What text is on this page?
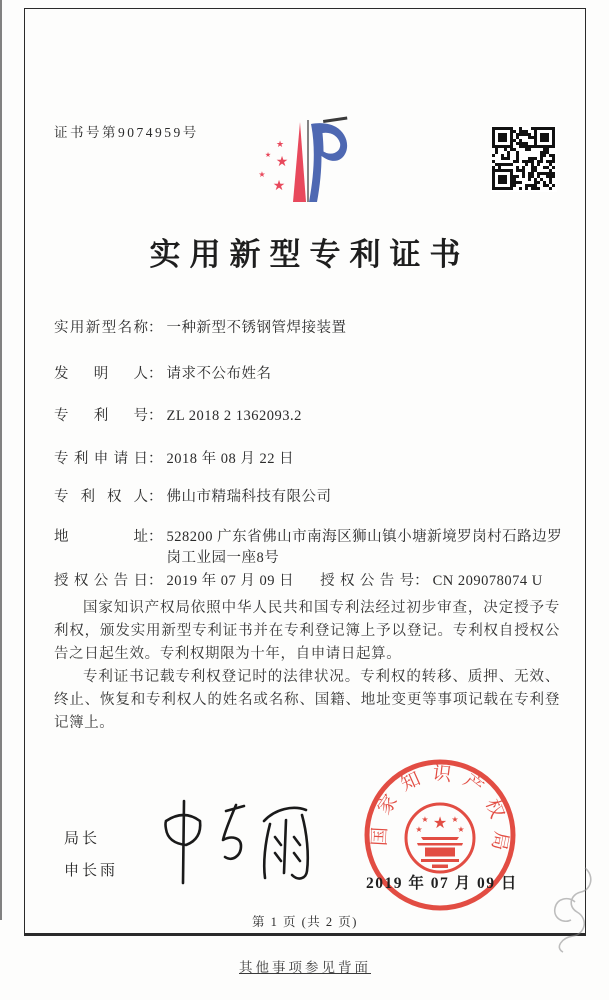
证书号第9074959号
★
★ ★
★
★
实用新型专利证书
实用新型名称 ： 一种新型不锈钢管焊接装置
发明人 ： 请求不公布姓名
专利号 ： ZL 2018 2 1362093.2
专利申请日 ： 2018 年 08 月 22 日
专利权人 ： 佛山市精瑞科技有限公司
地址 ： 528200 广东省佛山市南海区狮山镇小塘新境罗岗村石路边罗岗工业园一座8号
授权公告日 ： 2019 年 07 月 09 日 授权公告号 ： CN 209078074 U

国家知识产权局依照中华人民共和国专利法经过初步审查，决定授予专利权，颁发实用新型专利证书并在专利登记簿上予以登记。专利权自授权公告之日起生效。专利权期限为十年，自申请日起算。

专利证书记载专利权登记时的法律状况。专利权的转移、质押、无效、终止、恢复和专利权人的姓名或名称、国籍、地址变更等事项记载在专利登记簿上。

局长
申长雨
国家知识产权局
★
★	★
★	★
2019 年 07 月 09 日
第 1 页 (共 2 页)
其他事项参见背面
